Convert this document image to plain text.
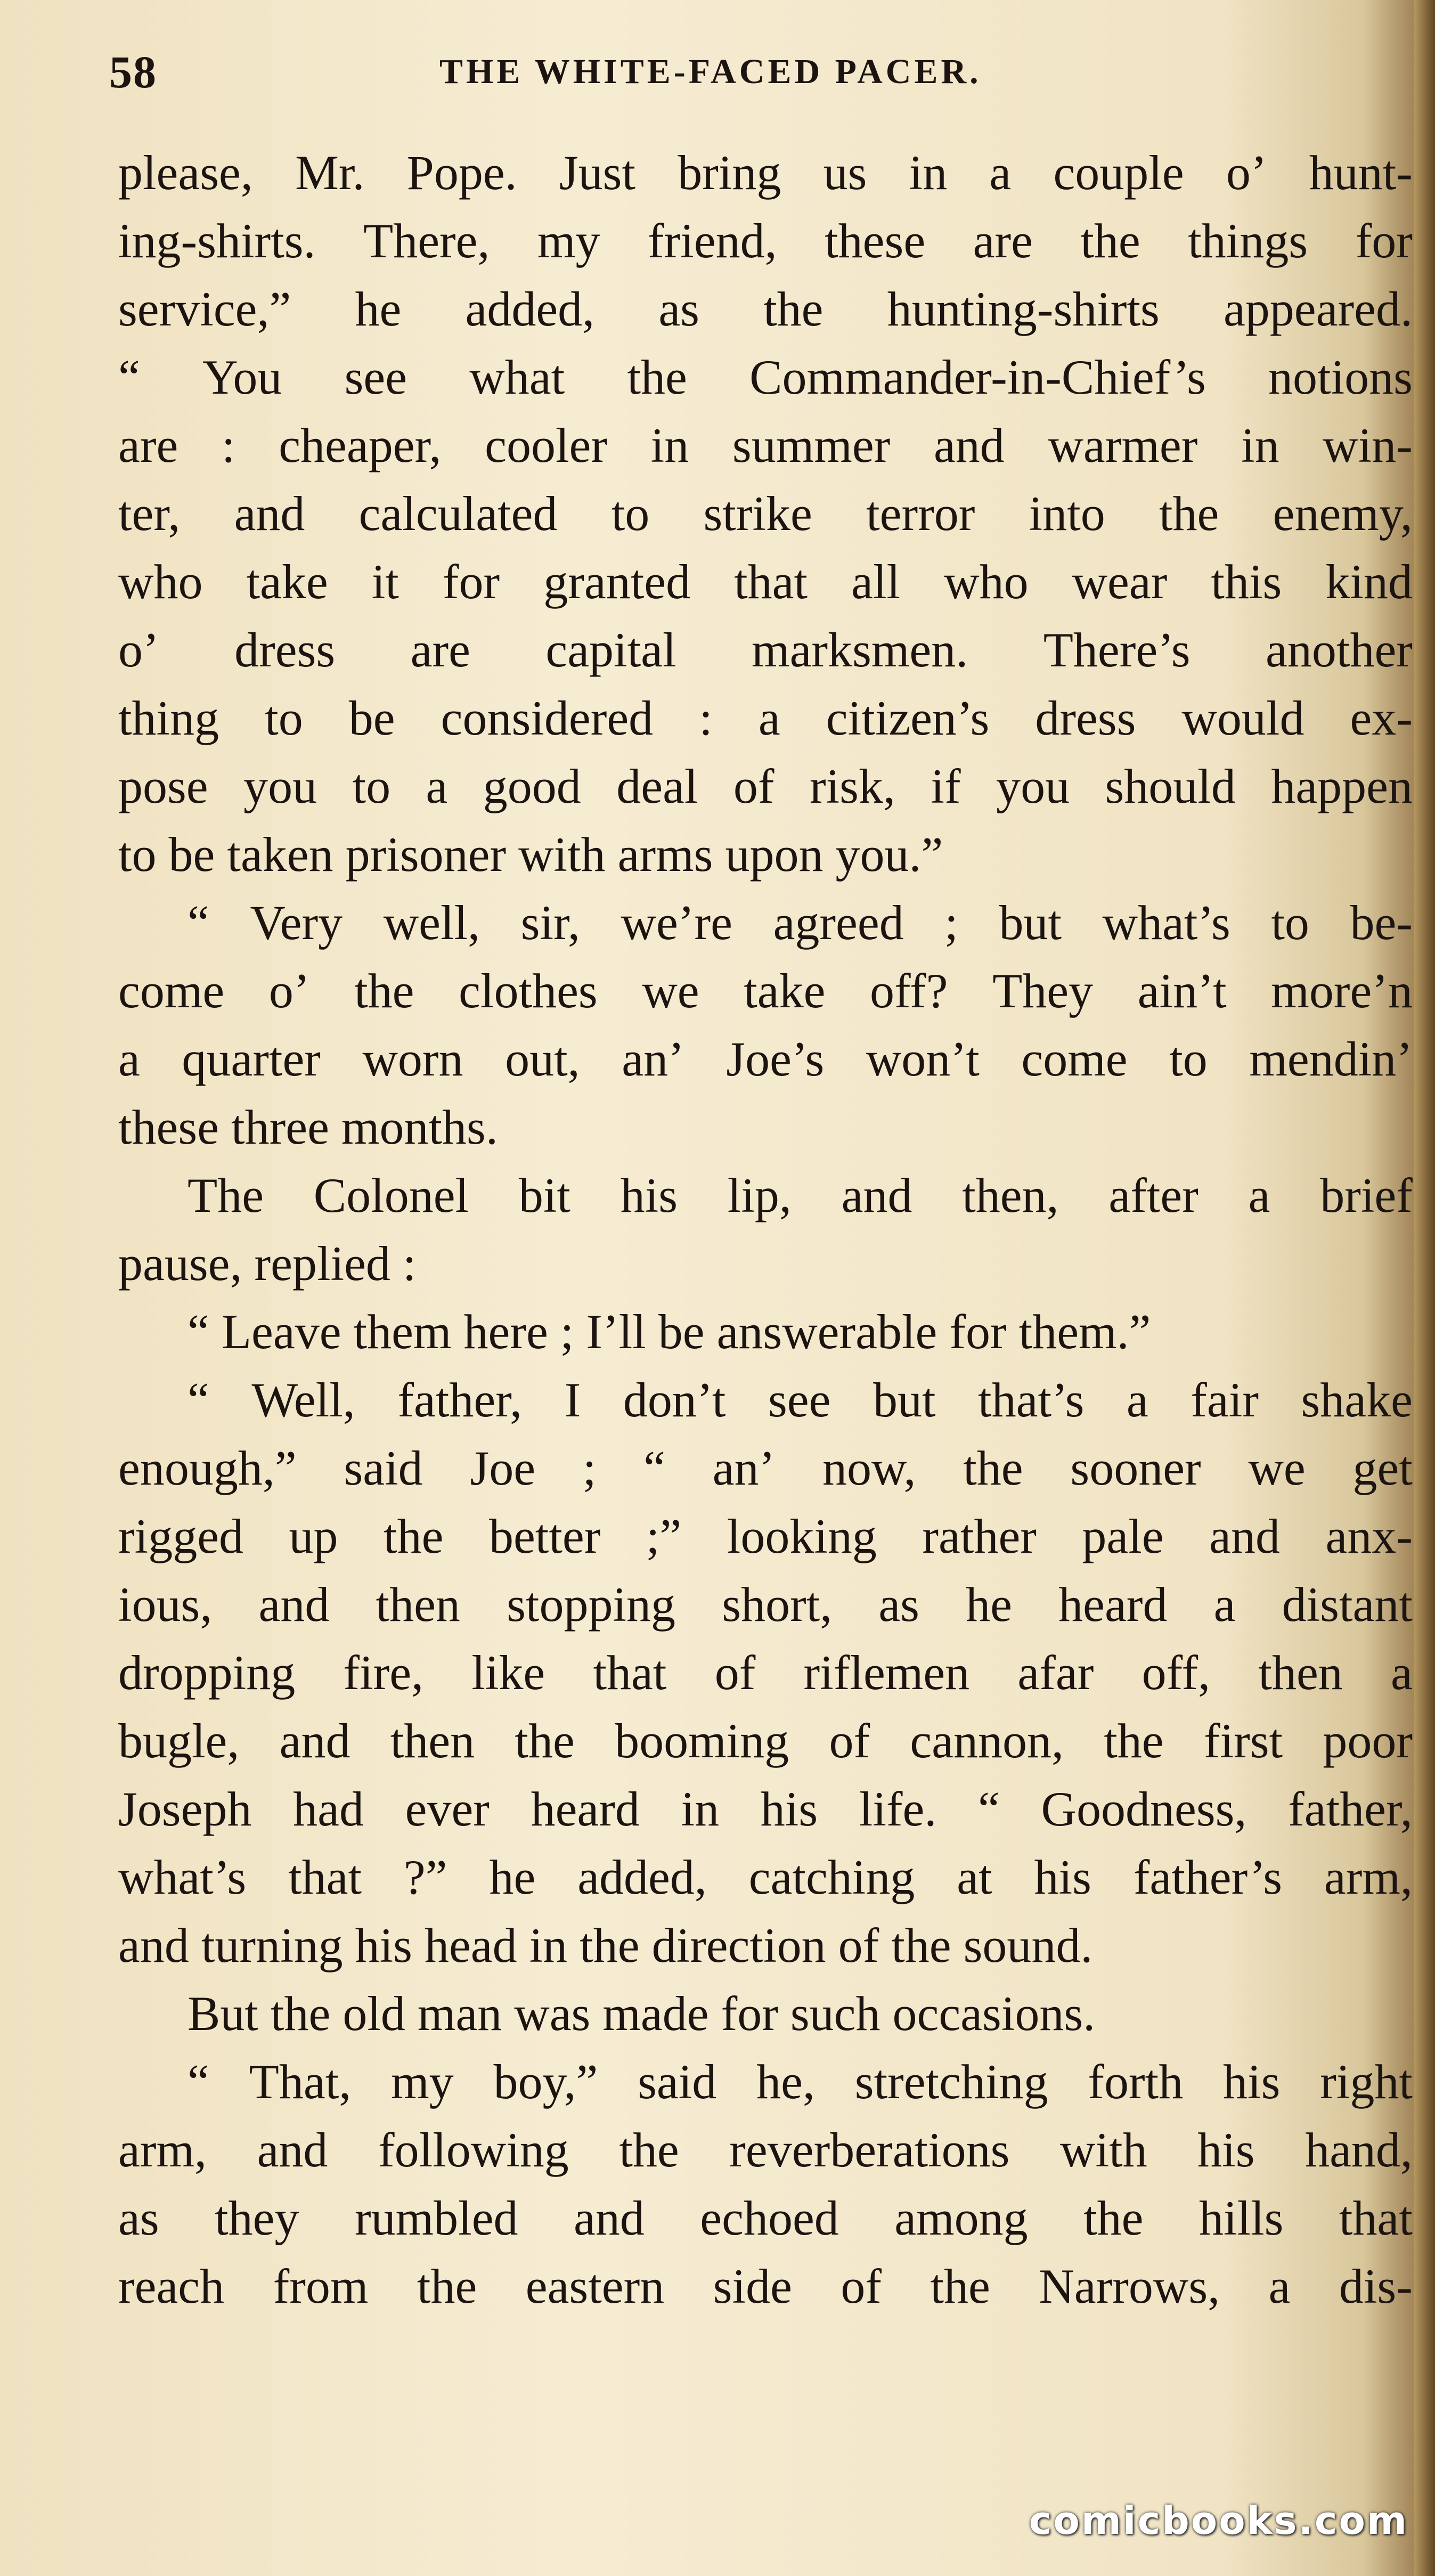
58	THE WHITE-FACED PACER.
please, Mr. Pope. Just bring us in a couple o’ hunt-
ing-shirts. There, my friend, these are the things for
service,” he added, as the hunting-shirts appeared.
“ You see what the Commander-in-Chief’s notions
are : cheaper, cooler in summer and warmer in win-
ter, and calculated to strike terror into the enemy,
who take it for granted that all who wear this kind
o’ dress are capital marksmen. There’s another
thing to be considered : a citizen’s dress would ex-
pose you to a good deal of risk, if you should happen
to be taken prisoner with arms upon you.”
“ Very well, sir, we’re agreed ; but what’s to be-
come o’ the clothes we take off? They ain’t more’n
a quarter worn out, an’ Joe’s won’t come to mendin’
these three months.
The Colonel bit his lip, and then, after a brief
pause, replied :
“ Leave them here ; I’ll be answerable for them.”
“ Well, father, I don’t see but that’s a fair shake
enough,” said Joe ; “ an’ now, the sooner we get
rigged up the better ;” looking rather pale and anx-
ious, and then stopping short, as he heard a distant
dropping fire, like that of riflemen afar off, then a
bugle, and then the booming of cannon, the first poor
Joseph had ever heard in his life. “ Goodness, father,
what’s that ?” he added, catching at his father’s arm,
and turning his head in the direction of the sound.
But the old man was made for such occasions.
“ That, my boy,” said he, stretching forth his right
arm, and following the reverberations with his hand,
as they rumbled and echoed among the hills that
reach from the eastern side of the Narrows, a dis-
comicbooks.com
